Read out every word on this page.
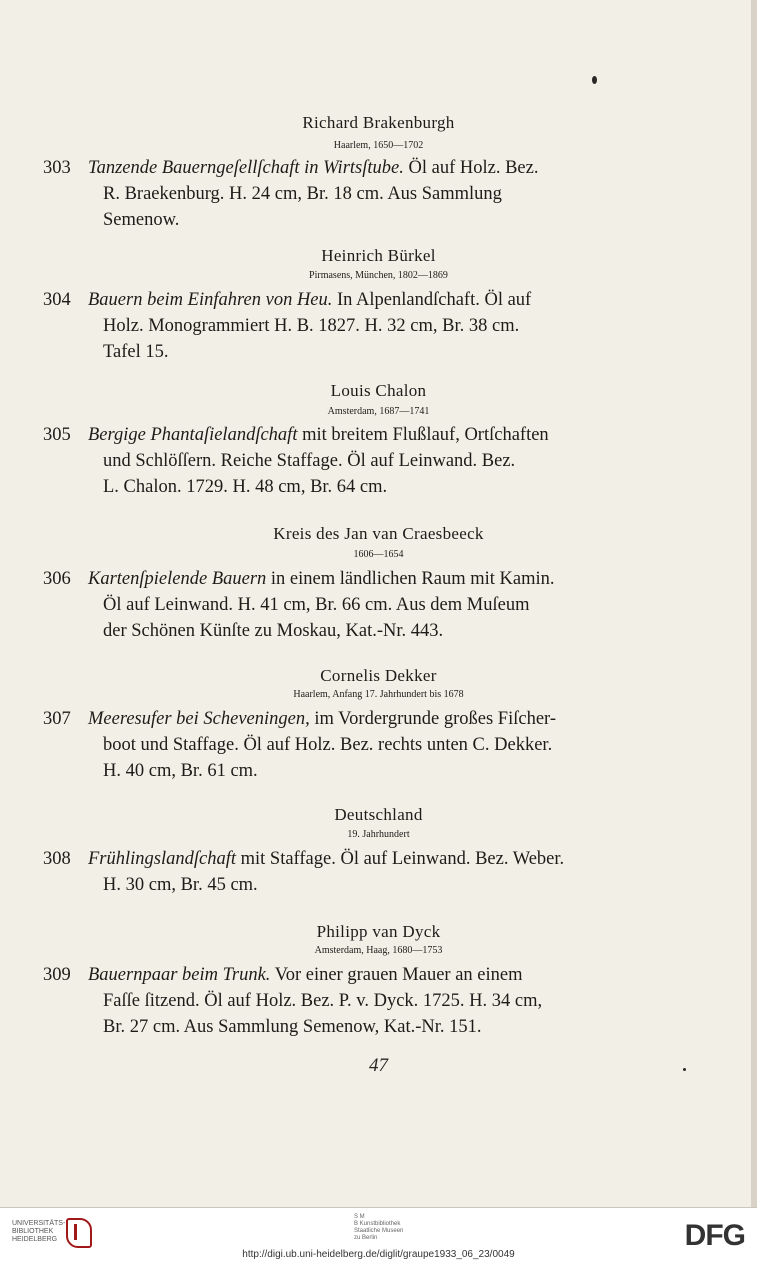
Richard Brakenburgh
Haarlem, 1650—1702
303 Tanzende Bauerngeſellſchaft in Wirtsſtube. Öl auf Holz. Bez.
R. Braekenburg. H. 24 cm, Br. 18 cm. Aus Sammlung
Semenow.
Heinrich Bürkel
Pirmasens, München, 1802—1869
304 Bauern beim Einfahren von Heu. In Alpenlandſchaft. Öl auf
Holz. Monogrammiert H. B. 1827. H. 32 cm, Br. 38 cm.
Tafel 15.
Louis Chalon
Amsterdam, 1687—1741
305 Bergige Phantaſielandſchaft mit breitem Flußlauf, Ortſchaften
und Schlöſſern. Reiche Staffage. Öl auf Leinwand. Bez.
L. Chalon. 1729. H. 48 cm, Br. 64 cm.
Kreis des Jan van Craesbeeck
1606—1654
306 Kartenſpielende Bauern in einem ländlichen Raum mit Kamin.
Öl auf Leinwand. H. 41 cm, Br. 66 cm. Aus dem Muſeum
der Schönen Künſte zu Moskau, Kat.-Nr. 443.
Cornelis Dekker
Haarlem, Anfang 17. Jahrhundert bis 1678
307 Meeresufer bei Scheveningen, im Vordergrunde großes Fiſcher-
boot und Staffage. Öl auf Holz. Bez. rechts unten C. Dekker.
H. 40 cm, Br. 61 cm.
Deutschland
19. Jahrhundert
308 Frühlingslandſchaft mit Staffage. Öl auf Leinwand. Bez. Weber.
H. 30 cm, Br. 45 cm.
Philipp van Dyck
Amsterdam, Haag, 1680—1753
309 Bauernpaar beim Trunk. Vor einer grauen Mauer an einem
Faſſe ſitzend. Öl auf Holz. Bez. P. v. Dyck. 1725. H. 34 cm,
Br. 27 cm. Aus Sammlung Semenow, Kat.-Nr. 151.
47
UNIVERSITÄTS-
BIBLIOTHEK
HEIDELBERG
S M
B Kunstbibliothek
Staatliche Museen
zu Berlin	DFG
http://digi.ub.uni-heidelberg.de/diglit/graupe1933_06_23/0049
